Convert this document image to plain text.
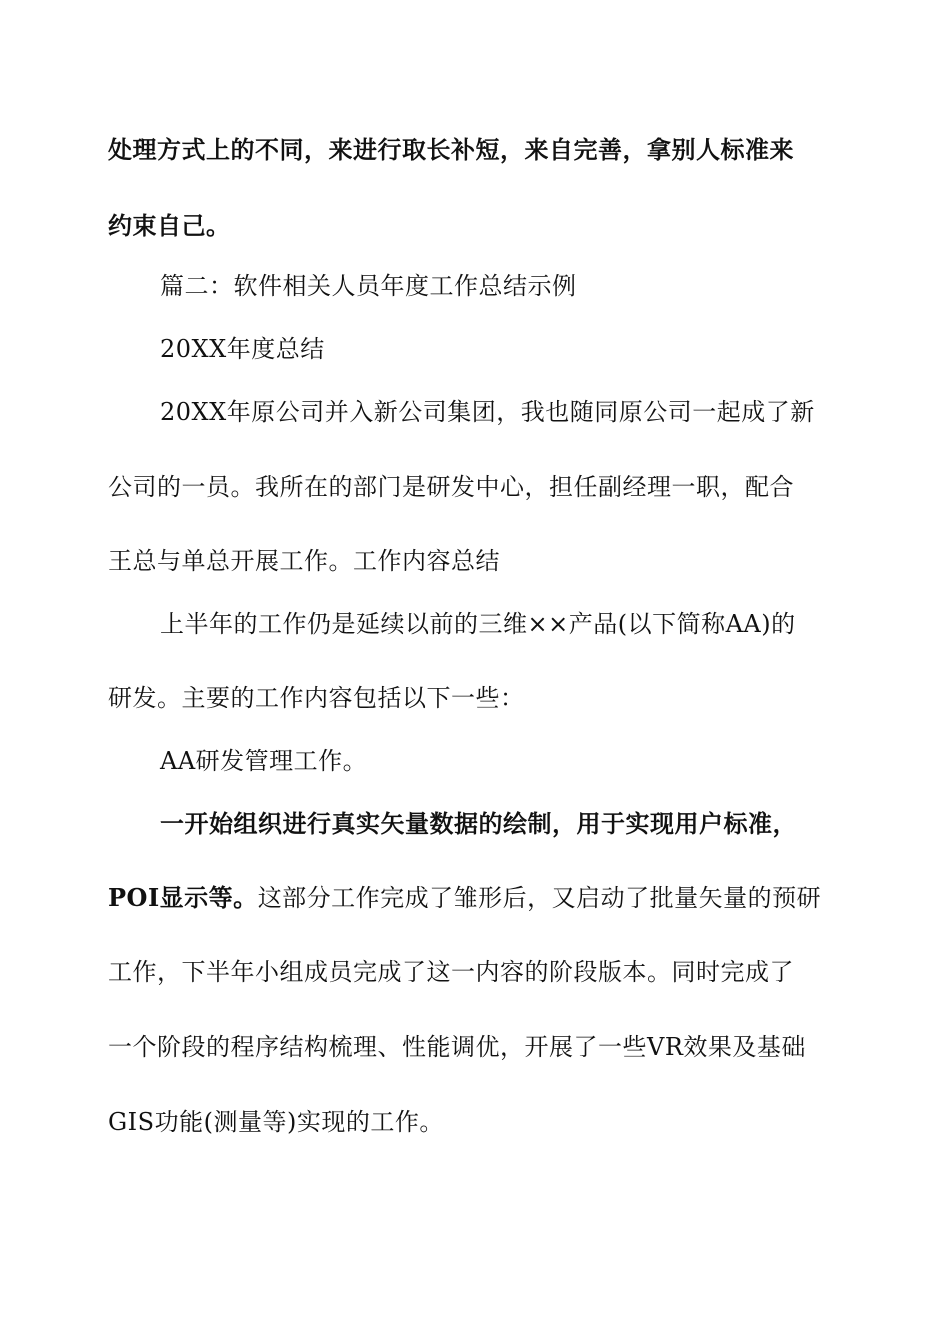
处理方式上的不同，来进行取长补短，来自完善，拿别人标准来
约束自己。
篇二：软件相关人员年度工作总结示例
20XX年度总结
20XX年原公司并入新公司集团，我也随同原公司一起成了新
公司的一员。我所在的部门是研发中心，担任副经理一职，配合
王总与单总开展工作。工作内容总结
上半年的工作仍是延续以前的三维××产品(以下简称AA)的
研发。主要的工作内容包括以下一些：
AA研发管理工作。
一开始组织进行真实矢量数据的绘制，用于实现用户标准，
POI显示等。这部分工作完成了雏形后，又启动了批量矢量的预研
工作，下半年小组成员完成了这一内容的阶段版本。同时完成了
一个阶段的程序结构梳理、性能调优，开展了一些VR效果及基础
GIS功能(测量等)实现的工作。
